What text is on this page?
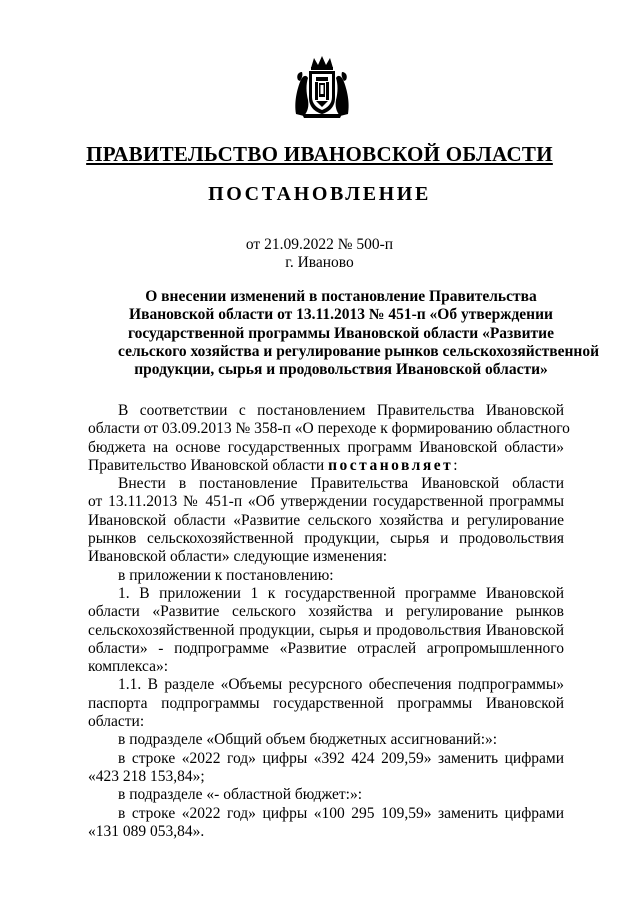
ПРАВИТЕЛЬСТВО ИВАНОВСКОЙ ОБЛАСТИ
ПОСТАНОВЛЕНИЕ
от 21.09.2022 № 500-п
г. Иваново
О внесении изменений в постановление Правительства
Ивановской области от 13.11.2013 № 451-п «Об утверждении
государственной программы Ивановской области «Развитие
сельского хозяйства и регулирование рынков сельскохозяйственной
продукции, сырья и продовольствия Ивановской области»
В соответствии с постановлением Правительства Ивановской
области от 03.09.2013 № 358-п «О переходе к формированию областного
бюджета на основе государственных программ Ивановской области»
Правительство Ивановской области постановляет:
Внести в постановление Правительства Ивановской области
от 13.11.2013 № 451-п «Об утверждении государственной программы
Ивановской области «Развитие сельского хозяйства и регулирование
рынков сельскохозяйственной продукции, сырья и продовольствия
Ивановской области» следующие изменения:
в приложении к постановлению:
1. В приложении 1 к государственной программе Ивановской
области «Развитие сельского хозяйства и регулирование рынков
сельскохозяйственной продукции, сырья и продовольствия Ивановской
области» - подпрограмме «Развитие отраслей агропромышленного
комплекса»:
1.1. В разделе «Объемы ресурсного обеспечения подпрограммы»
паспорта подпрограммы государственной программы Ивановской
области:
в подразделе «Общий объем бюджетных ассигнований:»:
в строке «2022 год» цифры «392 424 209,59» заменить цифрами
«423 218 153,84»;
в подразделе «- областной бюджет:»:
в строке «2022 год» цифры «100 295 109,59» заменить цифрами
«131 089 053,84».
